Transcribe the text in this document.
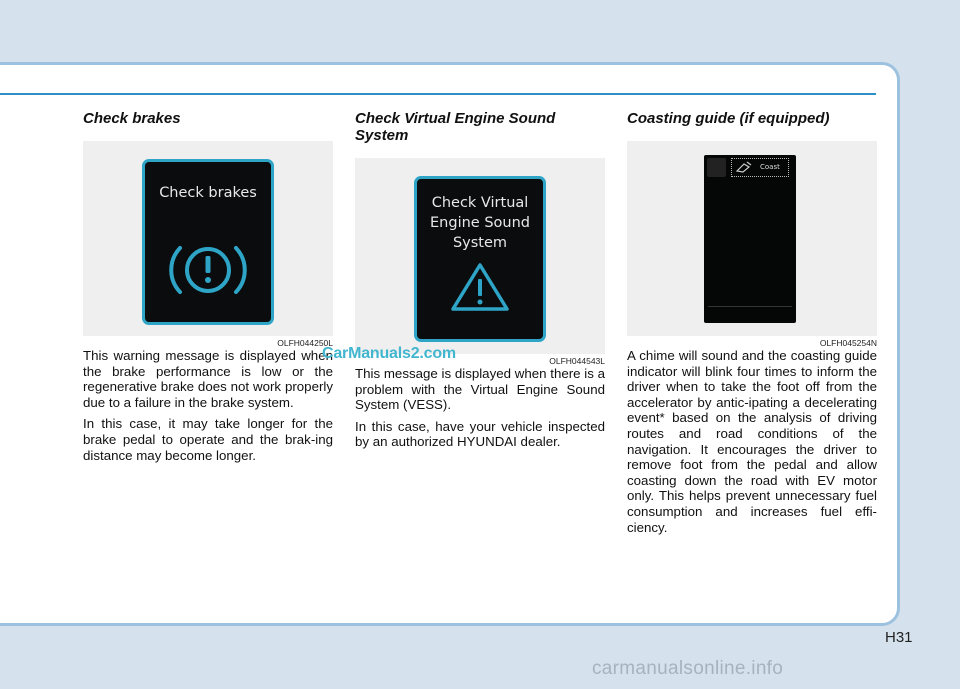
Check brakes
Check brakes
OLFH044250L

This warning message is displayed when the brake performance is low or the regenerative brake does not work properly due to a failure in the brake system.

In this case, it may take longer for the brake pedal to operate and the brak-ing distance may become longer.

Check Virtual Engine Sound System
Check Virtual
Engine Sound
System
OLFH044543L

This message is displayed when there is a problem with the Virtual Engine Sound System (VESS).

In this case, have your vehicle inspected by an authorized HYUNDAI dealer.

Coasting guide (if equipped)
Coast
OLFH045254N

A chime will sound and the coasting guide indicator will blink four times to inform the driver when to take the foot off from the accelerator by antic-ipating a decelerating event* based on the analysis of driving routes and road conditions of the navigation. It encourages the driver to remove foot from the pedal and allow coasting down the road with EV motor only. This helps prevent unnecessary fuel consumption and increases fuel effi-ciency.

H31
CarManuals2.com
carmanualsonline.info
